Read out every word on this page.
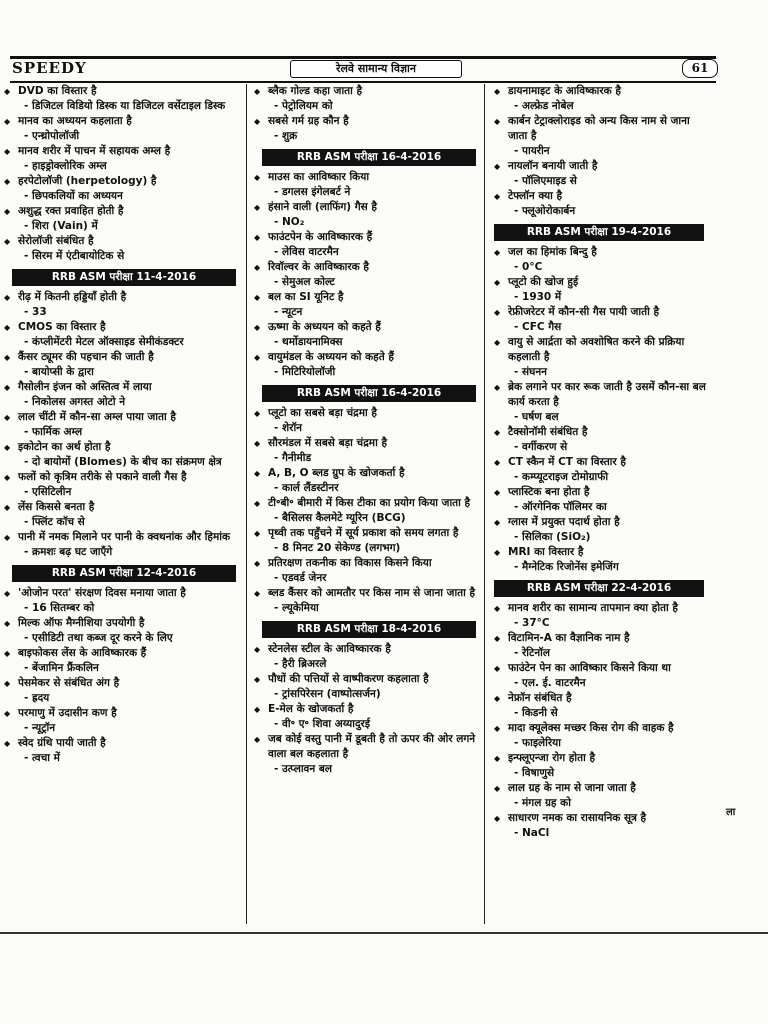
SPEEDY	रेलवे सामान्य विज्ञान	61
◆ DVD का विस्तार है
- डिजिटल विडियो डिस्क या डिजिटल वर्सेटाइल डिस्क
◆ मानव का अध्ययन कहलाता है
- एन्थ्रोपोलॉजी
◆ मानव शरीर में पाचन में सहायक अम्ल है
- हाइड्रोक्लोरिक अम्ल
◆ हरपेटोलॉजी (herpetology) है
- छिपकलियों का अध्ययन
◆ अशुद्ध रक्त प्रवाहित होती है
- शिरा (Vain) में
◆ सेरोलॉजी संबंधित है
- सिरम में एंटीबायोटिक से
RRB ASM परीक्षा 11-4-2016
◆ रीढ़ में कितनी हड्डियाँ होती है
- 33
◆ CMOS का विस्तार है
- कंप्लीमेंटरी मेटल ऑक्साइड सेमीकंडक्टर
◆ कैंसर ट्यूमर की पहचान की जाती है
- बायोप्सी के द्वारा
◆ गैसोलीन इंजन को अस्तित्व में लाया
- निकोलस अगस्त ओटो ने
◆ लाल चींटी में कौन-सा अम्ल पाया जाता है
- फार्मिक अम्ल
◆ इकोटोन का अर्थ होता है
- दो बायोमों (Blomes) के बीच का संक्रमण क्षेत्र
◆ फलों को कृत्रिम तरीके से पकाने वाली गैस है
- एसिटिलीन
◆ लेंस किससे बनता है
- फ्लिंट कॉच से
◆ पानी में नमक मिलाने पर पानी के क्वथनांक और हिमांक
- क्रमशः बढ़ घट जाएँगे
RRB ASM परीक्षा 12-4-2016
◆ 'ओजोन परत' संरक्षण दिवस मनाया जाता है
- 16 सितम्बर को
◆ मिल्क ऑफ मैग्नीशिया उपयोगी है
- एसीडिटी तथा कब्ज दूर करने के लिए
◆ बाइफोकस लेंस के आविष्कारक हैं
- बेंजामिन फ्रैंकलिन
◆ पेसमेकर से संबंधित अंग है
- ह्रदय
◆ परमाणु में उदासीन कण है
- न्यूट्रॉन
◆ स्वेद ग्रंथि पायी जाती है
- त्वचा में
◆ ब्लैक गोल्ड कहा जाता है
- पेट्रोलियम को
◆ सबसे गर्म ग्रह कौन है
- शुक्र
RRB ASM परीक्षा 16-4-2016
◆ माउस का आविष्कार किया
- डगलस इंगेलबर्ट ने
◆ हंसाने वाली (लाफिंग) गैस है
- NO₂
◆ फाउंटपेन के आविष्कारक हैं
- लेविस वाटरमैन
◆ रिवॉल्वर के आविष्कारक है
- सेमुअल कोल्ट
◆ बल का SI यूनिट है
- न्यूटन
◆ ऊष्मा के अध्ययन को कहते हैं
- थर्मोडायनामिक्स
◆ वायुमंडल के अध्ययन को कहते हैं
- मिटिरियोलॉजी
RRB ASM परीक्षा 16-4-2016
◆ प्लूटो का सबसे बड़ा चंद्रमा है
- शेरॉन
◆ सौरमंडल में सबसे बड़ा चंद्रमा है
- गैनीमीड
◆ A, B, O ब्लड ग्रुप के खोजकर्ता है
- कार्ल लैंडस्टीनर
◆ टी॰बी॰ बीमारी में किस टीका का प्रयोग किया जाता है
- बैसिलस कैलमेटे ग्यूरिन (BCG)
◆ पृथ्वी तक पहुँचने में सूर्य प्रकाश को समय लगता है
- 8 मिनट 20 सेकेण्ड (लगभग)
◆ प्रतिरक्षण तकनीक का विकास किसने किया
- एडवर्ड जेनर
◆ ब्लड कैंसर को आमतौर पर किस नाम से जाना जाता है
- ल्यूकेमिया
RRB ASM परीक्षा 18-4-2016
◆ स्टेनलेस स्टील के आविष्कारक है
- हैरी ब्रिअरले
◆ पौधों की पत्तियों से वाष्पीकरण कहलाता है
- ट्रांसपिरेसन (वाष्पोत्सर्जन)
◆ E-मेल के खोजकर्ता है
- वी॰ ए॰ शिवा अय्यादुरई
◆ जब कोई वस्तु पानी में डूबती है तो ऊपर की ओर लगने वाला बल कहलाता है
- उत्प्लावन बल
◆ डायनामाइट के आविष्कारक है
- अल्फ्रेड नोबेल
◆ कार्बन टेट्राक्लोराइड को अन्य किस नाम से जाना जाता है
- पायरीन
◆ नायलॉन बनायी जाती है
- पॉलिएमाइड से
◆ टेफ्लॉन क्या है
- फ्लूओरोकार्बन
RRB ASM परीक्षा 19-4-2016
◆ जल का हिमांक बिन्दु है
- 0°C
◆ प्लूटो की खोज हुई
- 1930 में
◆ रेफ्रीजरेटर में कौन-सी गैस पायी जाती है
- CFC गैस
◆ वायु से आर्द्रता को अवशोषित करने की प्रक्रिया कहलाती है
- संघनन
◆ ब्रेक लगाने पर कार रूक जाती है उसमें कौन-सा बल कार्य करता है
- घर्षण बल
◆ टैक्सोनॉमी संबंधित है
- वर्गीकरण से
◆ CT स्कैन में CT का विस्तार है
- कम्प्यूटराइज टोमोग्राफी
◆ प्लास्टिक बना होता है
- ऑरगेनिक पॉलिमर का
◆ ग्लास में प्रयुक्त पदार्थ होता है
- सिलिका (SiO₂)
◆ MRI का विस्तार है
- मैग्नेटिक रिजोनेंस इमेजिंग
RRB ASM परीक्षा 22-4-2016
◆ मानव शरीर का सामान्य तापमान क्या होता है
- 37°C
◆ विटामिन-A का वैज्ञानिक नाम है
- रेटिनॉल
◆ फाउंटेन पेन का आविष्कार किसने किया था
- एल. ई. वाटरमैन
◆ नेफ्रॉन संबंधित है
- किडनी से
◆ मादा क्यूलेक्स मच्छर किस रोग की वाहक है
- फाइलेरिया
◆ इन्फ्लूएन्जा रोग होता है
- विषाणुसे
◆ लाल ग्रह के नाम से जाना जाता है
- मंगल ग्रह को
◆ साधारण नमक का रासायनिक सूत्र है
- NaCl
ला
